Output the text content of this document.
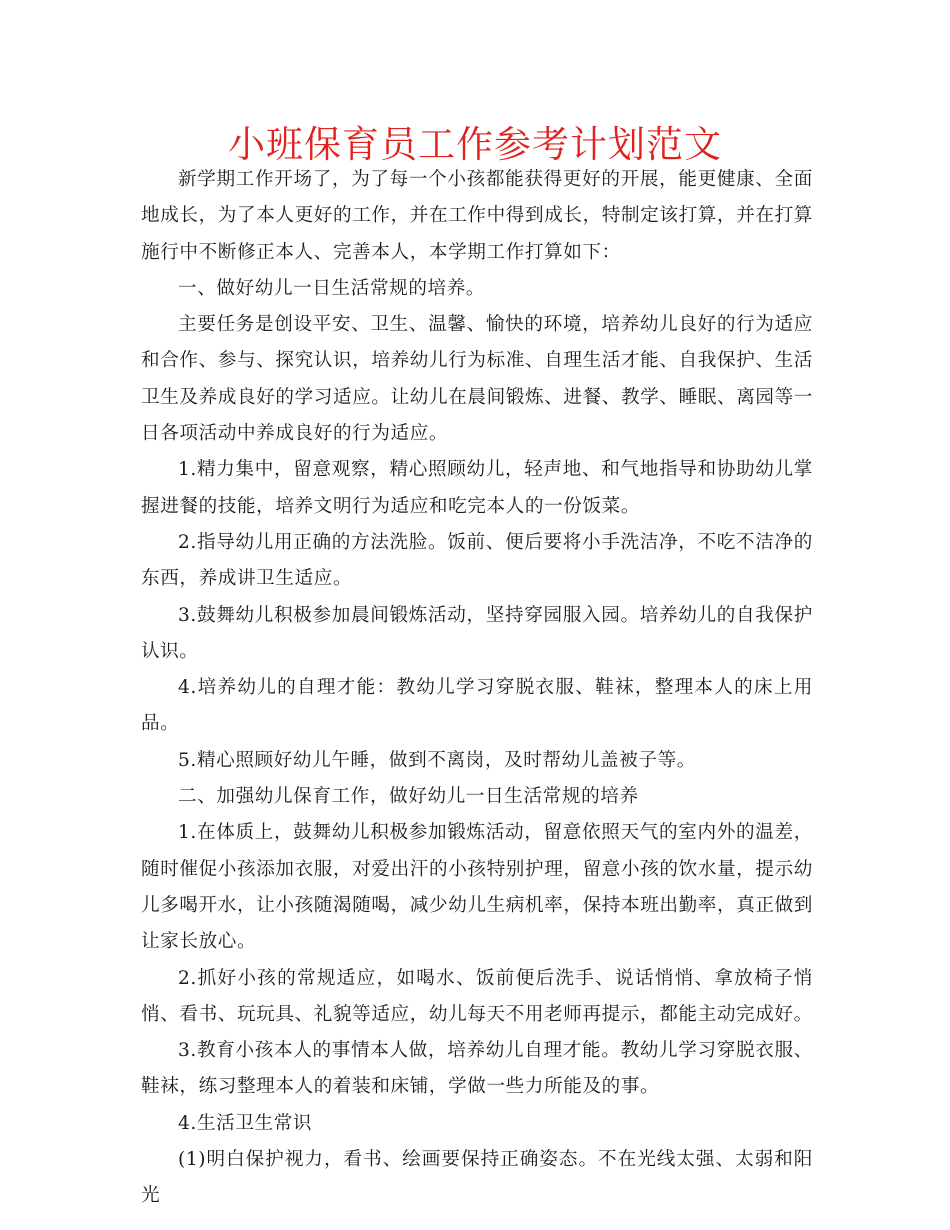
小班保育员工作参考计划范文

新学期工作开场了，为了每一个小孩都能获得更好的开展，能更健康、全面地成长，为了本人更好的工作，并在工作中得到成长，特制定该打算，并在打算施行中不断修正本人、完善本人，本学期工作打算如下：

一、做好幼儿一日生活常规的培养。

主要任务是创设平安、卫生、温馨、愉快的环境，培养幼儿良好的行为适应和合作、参与、探究认识，培养幼儿行为标准、自理生活才能、自我保护、生活卫生及养成良好的学习适应。让幼儿在晨间锻炼、进餐、教学、睡眠、离园等一日各项活动中养成良好的行为适应。

1.精力集中，留意观察，精心照顾幼儿，轻声地、和气地指导和协助幼儿掌握进餐的技能，培养文明行为适应和吃完本人的一份饭菜。

2.指导幼儿用正确的方法洗脸。饭前、便后要将小手洗洁净，不吃不洁净的东西，养成讲卫生适应。

3.鼓舞幼儿积极参加晨间锻炼活动，坚持穿园服入园。培养幼儿的自我保护认识。

4.培养幼儿的自理才能：教幼儿学习穿脱衣服、鞋袜，整理本人的床上用品。

5.精心照顾好幼儿午睡，做到不离岗，及时帮幼儿盖被子等。

二、加强幼儿保育工作，做好幼儿一日生活常规的培养

1.在体质上，鼓舞幼儿积极参加锻炼活动，留意依照天气的室内外的温差，随时催促小孩添加衣服，对爱出汗的小孩特别护理，留意小孩的饮水量，提示幼儿多喝开水，让小孩随渴随喝，减少幼儿生病机率，保持本班出勤率，真正做到让家长放心。

2.抓好小孩的常规适应，如喝水、饭前便后洗手、说话悄悄、拿放椅子悄悄、看书、玩玩具、礼貌等适应，幼儿每天不用老师再提示，都能主动完成好。

3.教育小孩本人的事情本人做，培养幼儿自理才能。教幼儿学习穿脱衣服、鞋袜，练习整理本人的着装和床铺，学做一些力所能及的事。

4.生活卫生常识

(1)明白保护视力，看书、绘画要保持正确姿态。不在光线太强、太弱和阳光
